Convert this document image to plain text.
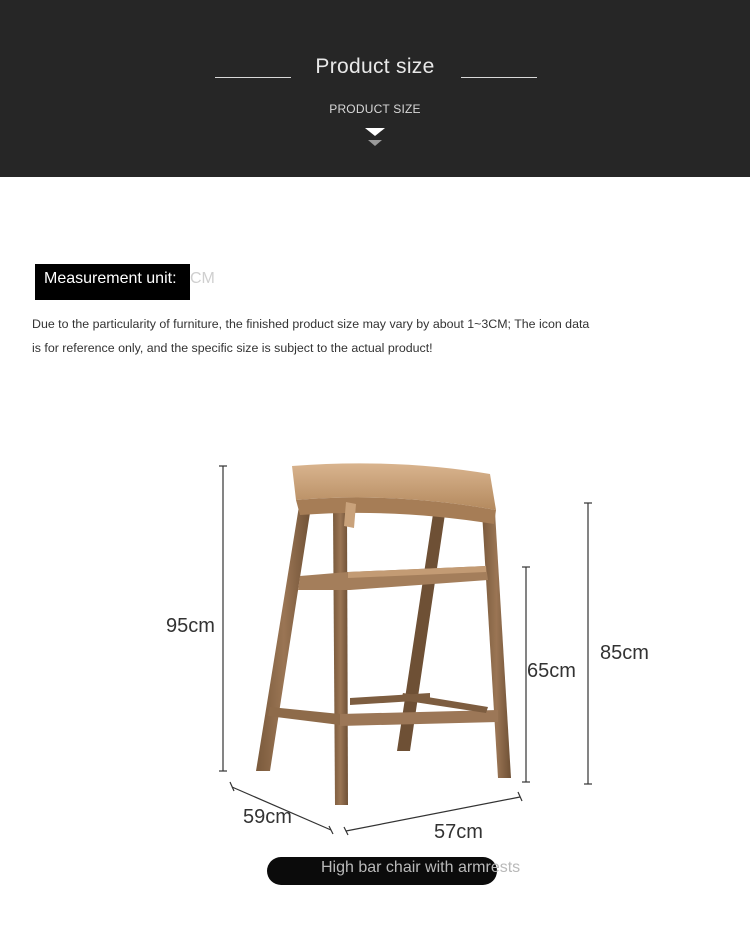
Product size
PRODUCT SIZE
Measurement unit: CM
Due to the particularity of furniture, the finished product size may vary by about 1~3CM; The icon data is for reference only, and the specific size is subject to the actual product!
95cm
65cm
85cm
59cm
57cm
High bar chair with armrests
